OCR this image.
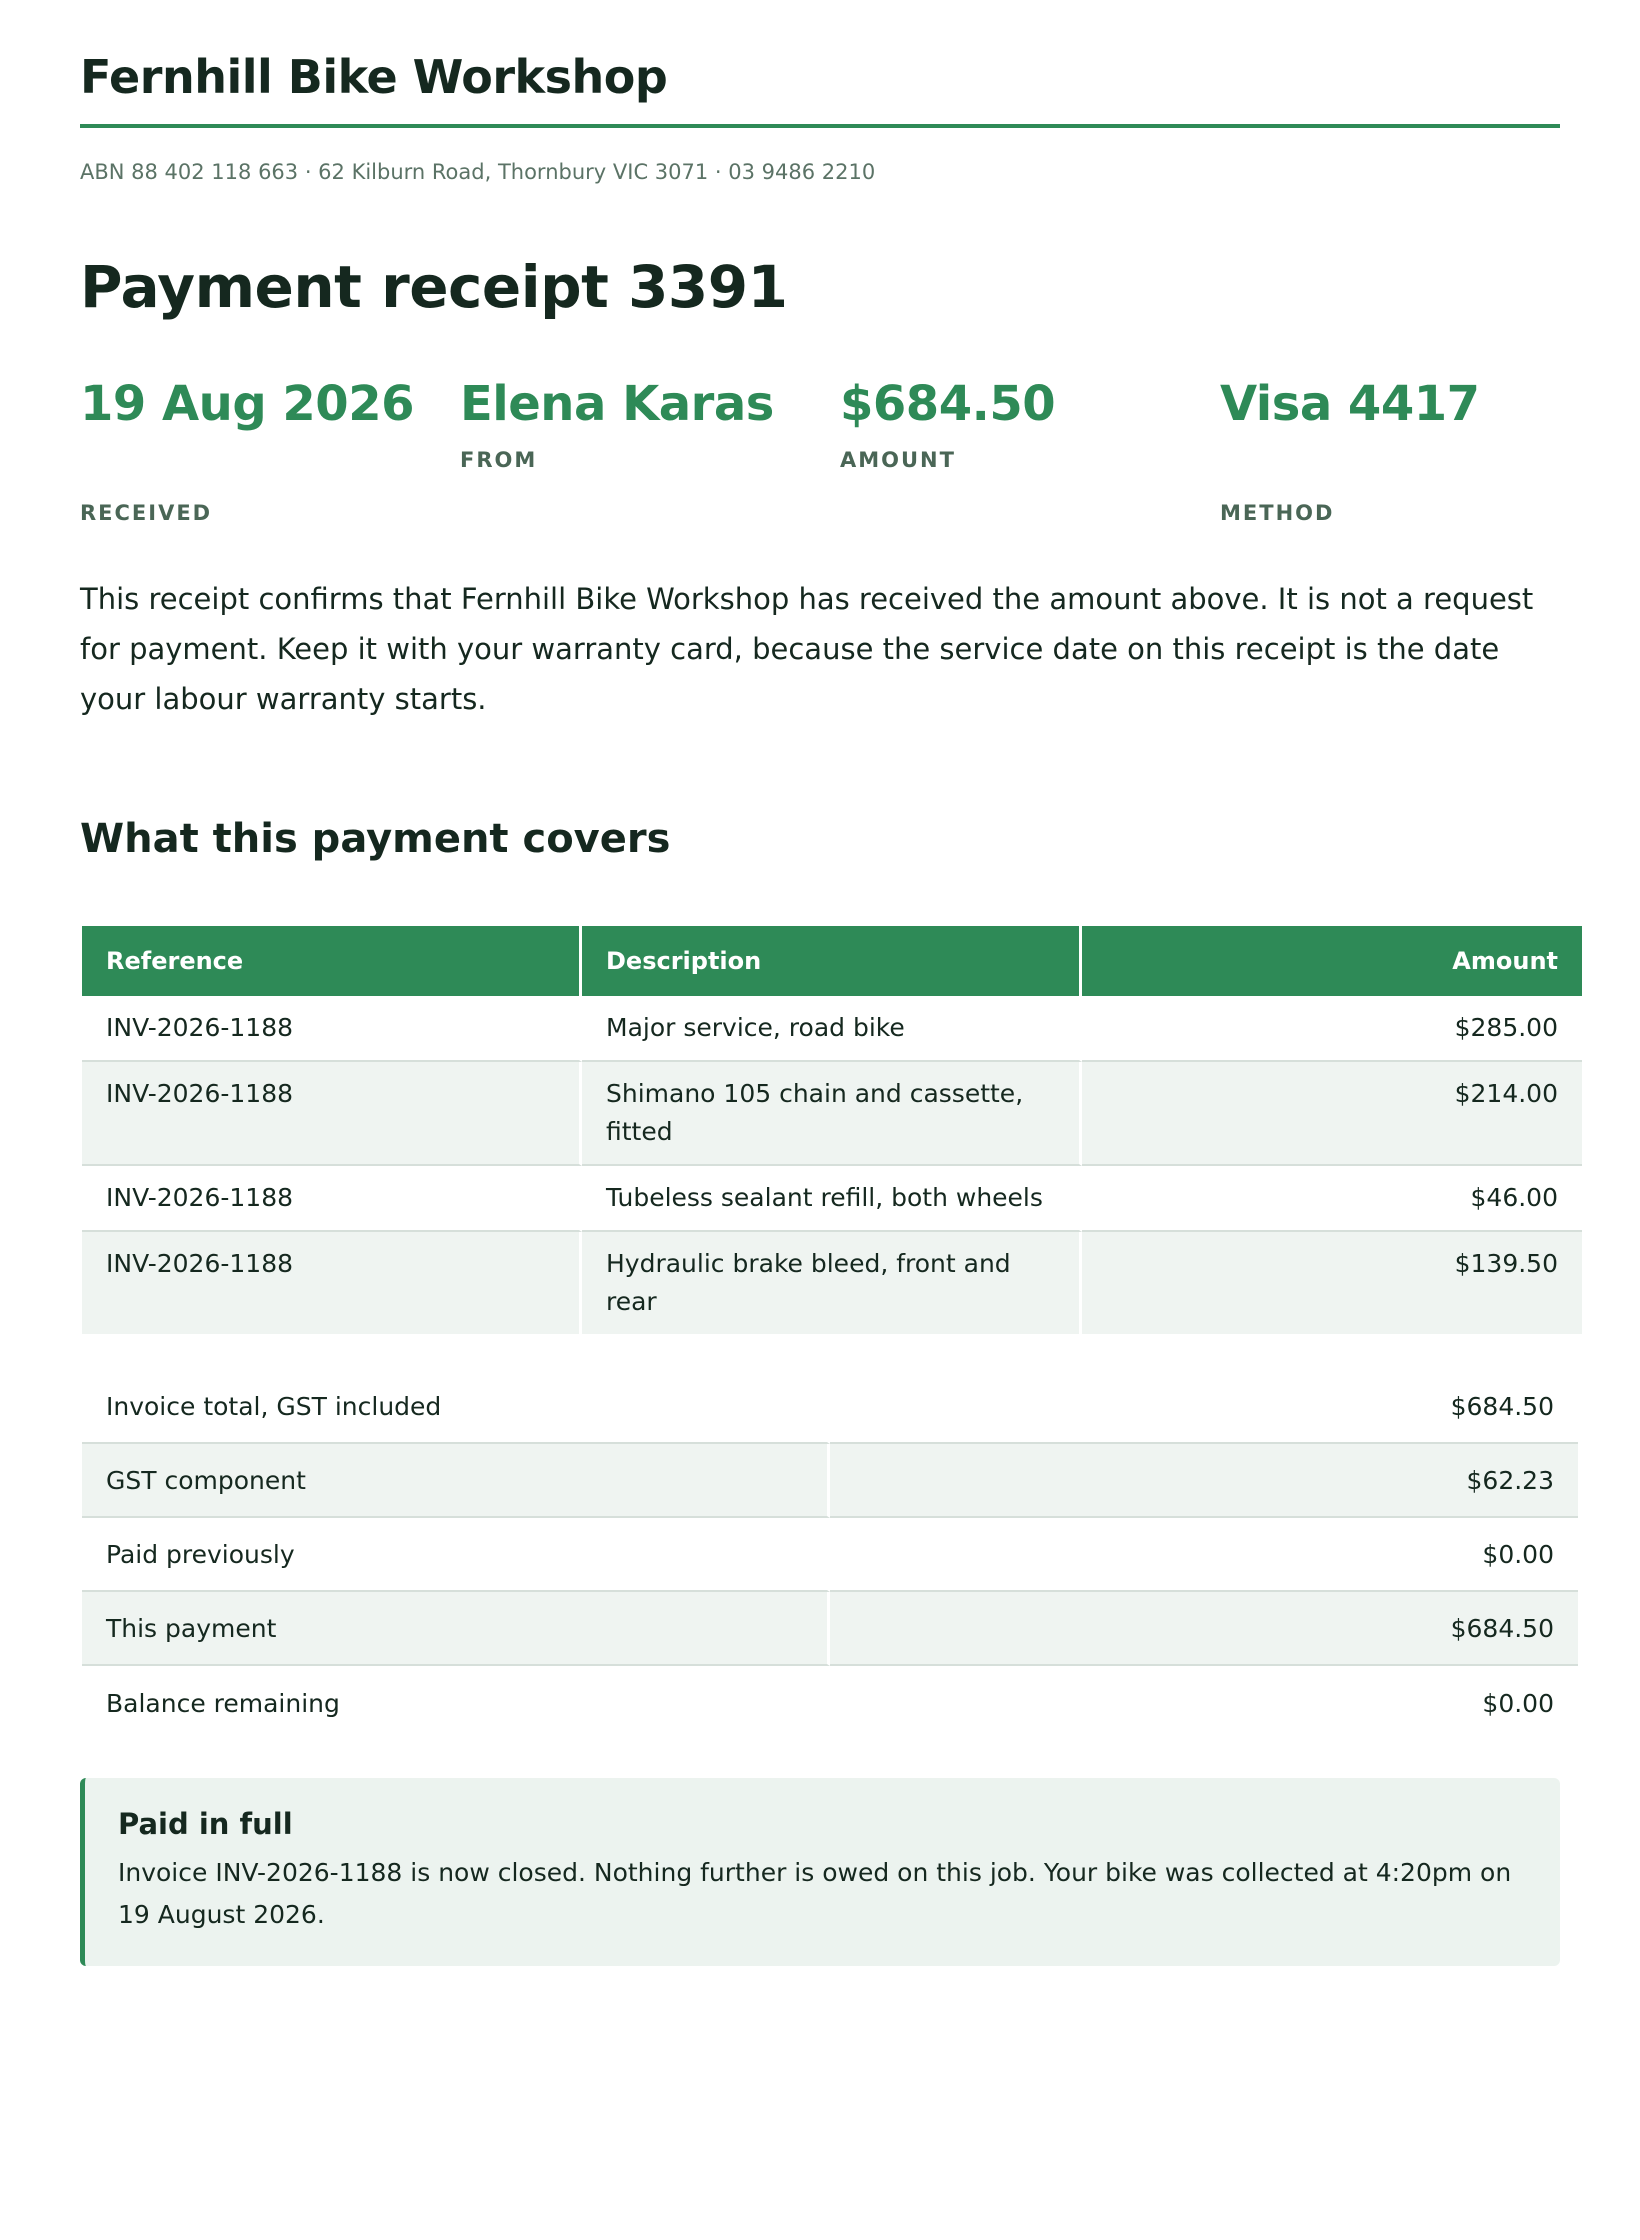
Fernhill Bike Workshop
ABN 88 402 118 663 · 62 Kilburn Road, Thornbury VIC 3071 · 03 9486 2210
Payment receipt 3391
19 Aug 2026
RECEIVED
Elena Karas
FROM
$684.50
AMOUNT
Visa 4417
METHOD

This receipt confirms that Fernhill Bike Workshop has received the amount above. It is not a request for payment. Keep it with your warranty card, because the service date on this receipt is the date your labour warranty starts.

What this payment covers
Reference	Description	Amount
INV-2026-1188	Major service, road bike	$285.00
INV-2026-1188	Shimano 105 chain and cassette, fitted	$214.00
INV-2026-1188	Tubeless sealant refill, both wheels	$46.00
INV-2026-1188	Hydraulic brake bleed, front and rear	$139.50
Invoice total, GST included	$684.50
GST component	$62.23
Paid previously	$0.00
This payment	$684.50
Balance remaining	$0.00
Paid in full
Invoice INV-2026-1188 is now closed. Nothing further is owed on this job. Your bike was collected at 4:20pm on 19 August 2026.
